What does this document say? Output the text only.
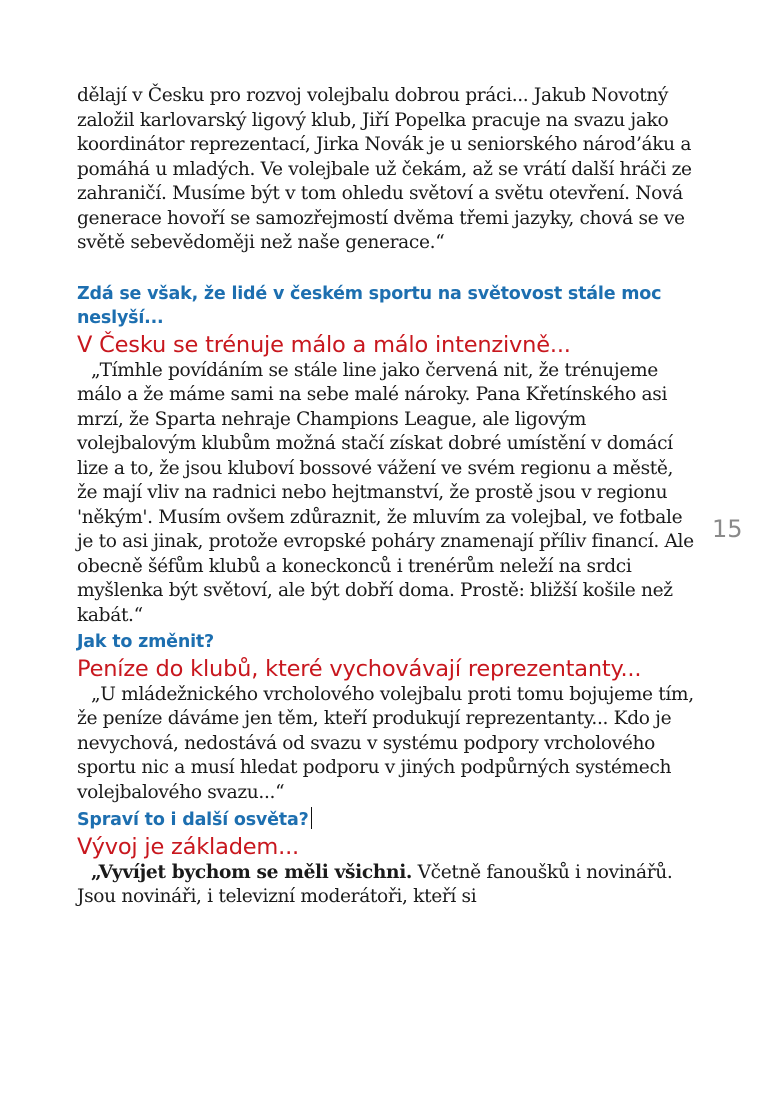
dělají v Česku pro rozvoj volejbalu dobrou práci... Jakub Novotný založil karlovarský ligový klub, Jiří Popelka pracuje na svazu jako koordinátor reprezentací, Jirka Novák je u seniorského národ’áku a pomáhá u mladých. Ve volejbale už čekám, až se vrátí další hráči ze zahraničí. Musíme být v tom ohledu světoví a světu otevření. Nová generace hovoří se samozřejmostí dvěma třemi jazyky, chová se ve světě sebevědoměji než naše generace.“

Zdá se však, že lidé v českém sportu na světovost stále moc neslyší...

V Česku se trénuje málo a málo intenzivně...

„Tímhle povídáním se stále line jako červená nit, že trénujeme málo a že máme sami na sebe malé nároky. Pana Křetínského asi mrzí, že Sparta nehraje Champions League, ale ligovým volejbalovým klubům možná stačí získat dobré umístění v domácí lize a to, že jsou kluboví bossové vážení ve svém regionu a městě, že mají vliv na radnici nebo hejtmanství, že prostě jsou v regionu 'někým'. Musím ovšem zdůraznit, že mluvím za volejbal, ve fotbale je to asi jinak, protože evropské poháry znamenají příliv financí. Ale obecně šéfům klubů a koneckonců i trenérům neleží na srdci myšlenka být světoví, ale být dobří doma. Prostě: bližší košile než kabát.“

Jak to změnit?

Peníze do klubů, které vychovávají reprezentanty...

„U mládežnického vrcholového volejbalu proti tomu bojujeme tím, že peníze dáváme jen těm, kteří produkují reprezentanty... Kdo je nevychová, nedostává od svazu v systému podpory vrcholového sportu nic a musí hledat podporu v jiných podpůrných systémech volejbalového svazu...“

Spraví to i další osvěta?

Vývoj je základem...

„Vyvíjet bychom se měli všichni. Včetně fanoušků i novinářů. Jsou novináři, i televizní moderátoři, kteří si

15
